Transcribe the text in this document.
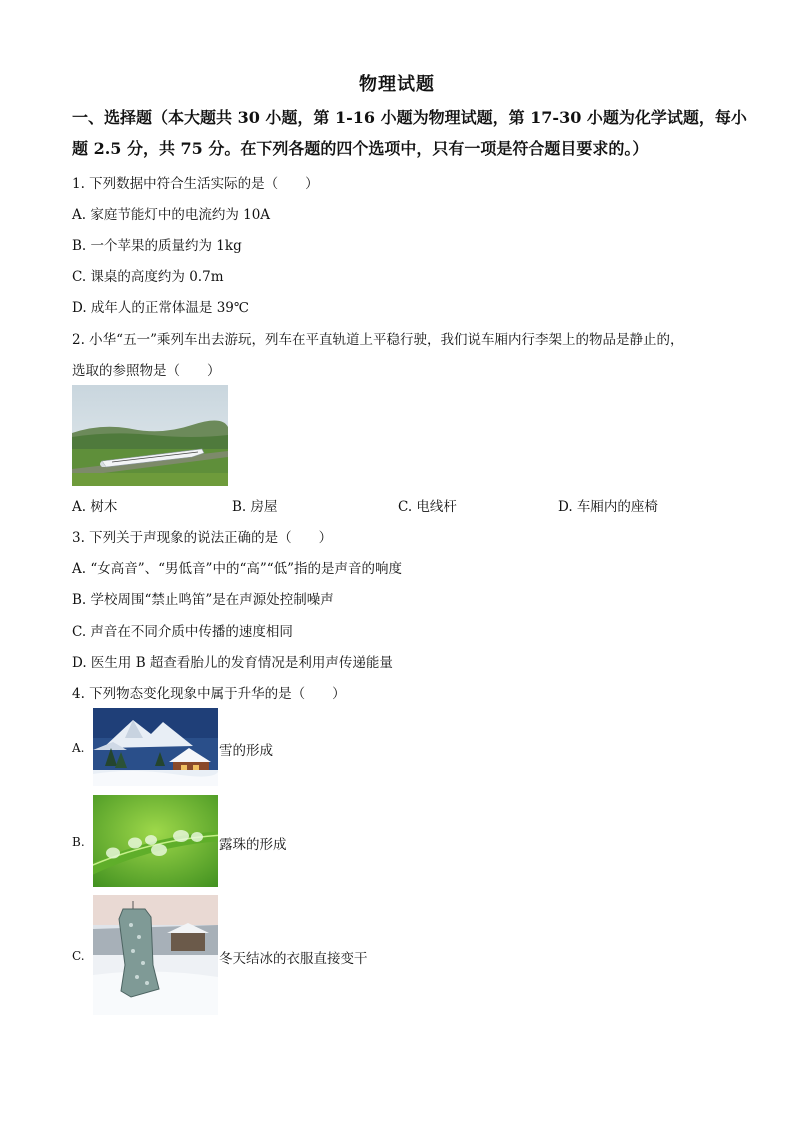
物理试题
一、选择题（本大题共 30 小题，第 1-16 小题为物理试题，第 17-30 小题为化学试题，每小
题 2.5 分，共 75 分。在下列各题的四个选项中，只有一项是符合题目要求的。）
1. 下列数据中符合生活实际的是（　　）
A. 家庭节能灯中的电流约为 10A
B. 一个苹果的质量约为 1kg
C. 课桌的高度约为 0.7m
D. 成年人的正常体温是 39℃
2. 小华“五一”乘列车出去游玩，列车在平直轨道上平稳行驶，我们说车厢内行李架上的物品是静止的，
选取的参照物是（　　）
A. 树木	B. 房屋	C. 电线杆	D. 车厢内的座椅
3. 下列关于声现象的说法正确的是（　　）
A. “女高音”、“男低音”中的“高”“低”指的是声音的响度
B. 学校周围“禁止鸣笛”是在声源处控制噪声
C. 声音在不同介质中传播的速度相同
D. 医生用 B 超查看胎儿的发育情况是利用声传递能量
4. 下列物态变化现象中属于升华的是（　　）
A.	雪的形成
B.	露珠的形成
C.	冬天结冰的衣服直接变干
